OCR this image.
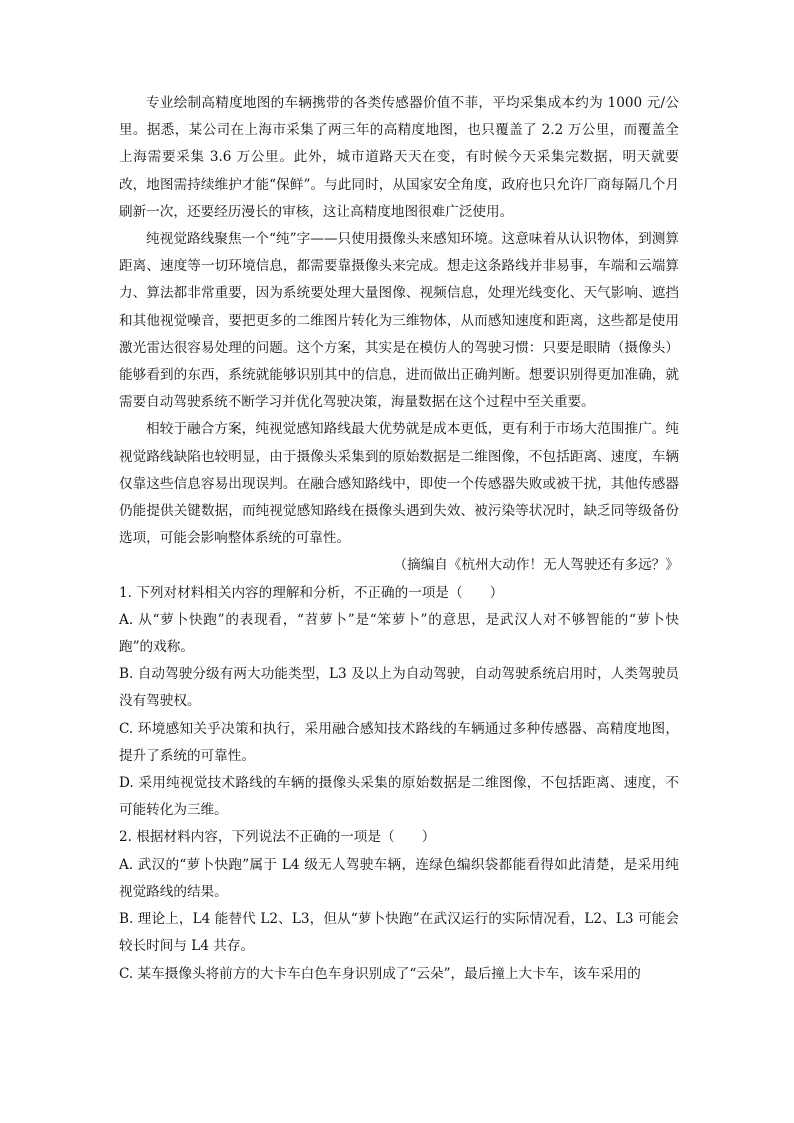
专业绘制高精度地图的车辆携带的各类传感器价值不菲，平均采集成本约为 1000 元/公里。据悉，某公司在上海市采集了两三年的高精度地图，也只覆盖了 2.2 万公里，而覆盖全上海需要采集 3.6 万公里。此外，城市道路天天在变，有时候今天采集完数据，明天就要改，地图需持续维护才能“保鲜”。与此同时，从国家安全角度，政府也只允许厂商每隔几个月刷新一次，还要经历漫长的审核，这让高精度地图很难广泛使用。

纯视觉路线聚焦一个“纯”字——只使用摄像头来感知环境。这意味着从认识物体，到测算距离、速度等一切环境信息，都需要靠摄像头来完成。想走这条路线并非易事，车端和云端算力、算法都非常重要，因为系统要处理大量图像、视频信息，处理光线变化、天气影响、遮挡和其他视觉噪音，要把更多的二维图片转化为三维物体，从而感知速度和距离，这些都是使用激光雷达很容易处理的问题。这个方案，其实是在模仿人的驾驶习惯：只要是眼睛（摄像头）能够看到的东西，系统就能够识别其中的信息，进而做出正确判断。想要识别得更加准确，就需要自动驾驶系统不断学习并优化驾驶决策，海量数据在这个过程中至关重要。

相较于融合方案，纯视觉感知路线最大优势就是成本更低，更有利于市场大范围推广。纯视觉路线缺陷也较明显，由于摄像头采集到的原始数据是二维图像，不包括距离、速度，车辆仅靠这些信息容易出现误判。在融合感知路线中，即使一个传感器失败或被干扰，其他传感器仍能提供关键数据，而纯视觉感知路线在摄像头遇到失效、被污染等状况时，缺乏同等级备份选项，可能会影响整体系统的可靠性。

（摘编自《杭州大动作！无人驾驶还有多远？》

1. 下列对材料相关内容的理解和分析，不正确的一项是（　　）

A. 从“萝卜快跑”的表现看，“苕萝卜”是“笨萝卜”的意思，是武汉人对不够智能的“萝卜快跑”的戏称。

B. 自动驾驶分级有两大功能类型，L3 及以上为自动驾驶，自动驾驶系统启用时，人类驾驶员没有驾驶权。

C. 环境感知关乎决策和执行，采用融合感知技术路线的车辆通过多种传感器、高精度地图，提升了系统的可靠性。

D. 采用纯视觉技术路线的车辆的摄像头采集的原始数据是二维图像，不包括距离、速度，不可能转化为三维。

2. 根据材料内容，下列说法不正确的一项是（　　）

A. 武汉的“萝卜快跑”属于 L4 级无人驾驶车辆，连绿色编织袋都能看得如此清楚，是采用纯视觉路线的结果。

B. 理论上，L4 能替代 L2、L3，但从“萝卜快跑”在武汉运行的实际情况看，L2、L3 可能会较长时间与 L4 共存。

C. 某车摄像头将前方的大卡车白色车身识别成了“云朵”，最后撞上大卡车，该车采用的
